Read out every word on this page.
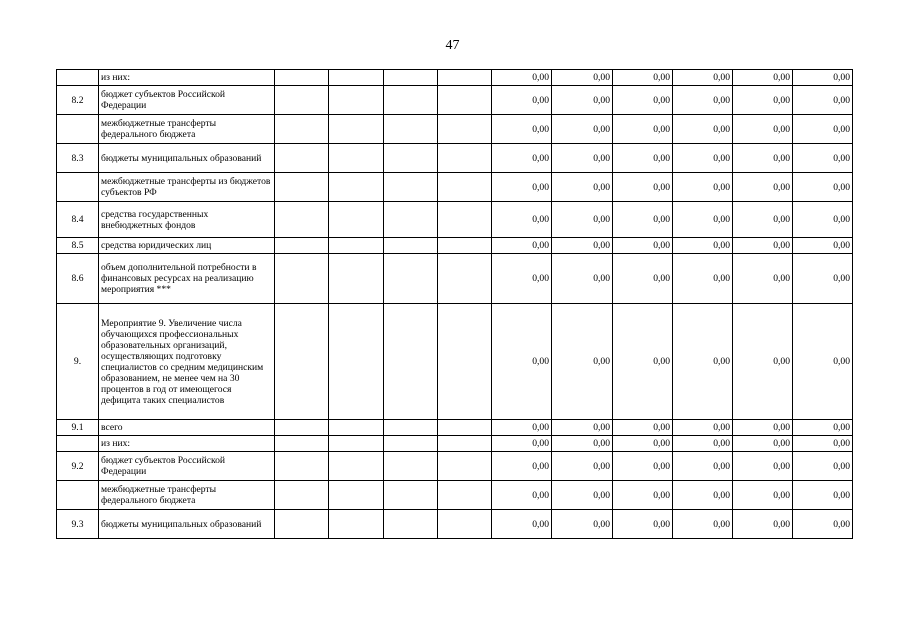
47
	из них:					0,00	0,00	0,00	0,00	0,00	0,00
8.2	бюджет субъектов Российской Федерации					0,00	0,00	0,00	0,00	0,00	0,00
	межбюджетные трансферты федерального бюджета					0,00	0,00	0,00	0,00	0,00	0,00
8.3	бюджеты муниципальных образований					0,00	0,00	0,00	0,00	0,00	0,00
	межбюджетные трансферты из бюджетов субъектов РФ					0,00	0,00	0,00	0,00	0,00	0,00
8.4	средства государственных внебюджетных фондов					0,00	0,00	0,00	0,00	0,00	0,00
8.5	средства юридических лиц					0,00	0,00	0,00	0,00	0,00	0,00
8.6	объем дополнительной потребности в финансовых ресурсах на реализацию мероприятия ***					0,00	0,00	0,00	0,00	0,00	0,00
9.	Мероприятие 9. Увеличение числа обучающихся профессиональных образовательных организаций, осуществляющих подготовку специалистов со средним медицинским образованием, не менее чем на 30 процентов в год от имеющегося дефицита таких специалистов					0,00	0,00	0,00	0,00	0,00	0,00
9.1	всего					0,00	0,00	0,00	0,00	0,00	0,00
	из них:					0,00	0,00	0,00	0,00	0,00	0,00
9.2	бюджет субъектов Российской Федерации					0,00	0,00	0,00	0,00	0,00	0,00
	межбюджетные трансферты федерального бюджета					0,00	0,00	0,00	0,00	0,00	0,00
9.3	бюджеты муниципальных образований					0,00	0,00	0,00	0,00	0,00	0,00
